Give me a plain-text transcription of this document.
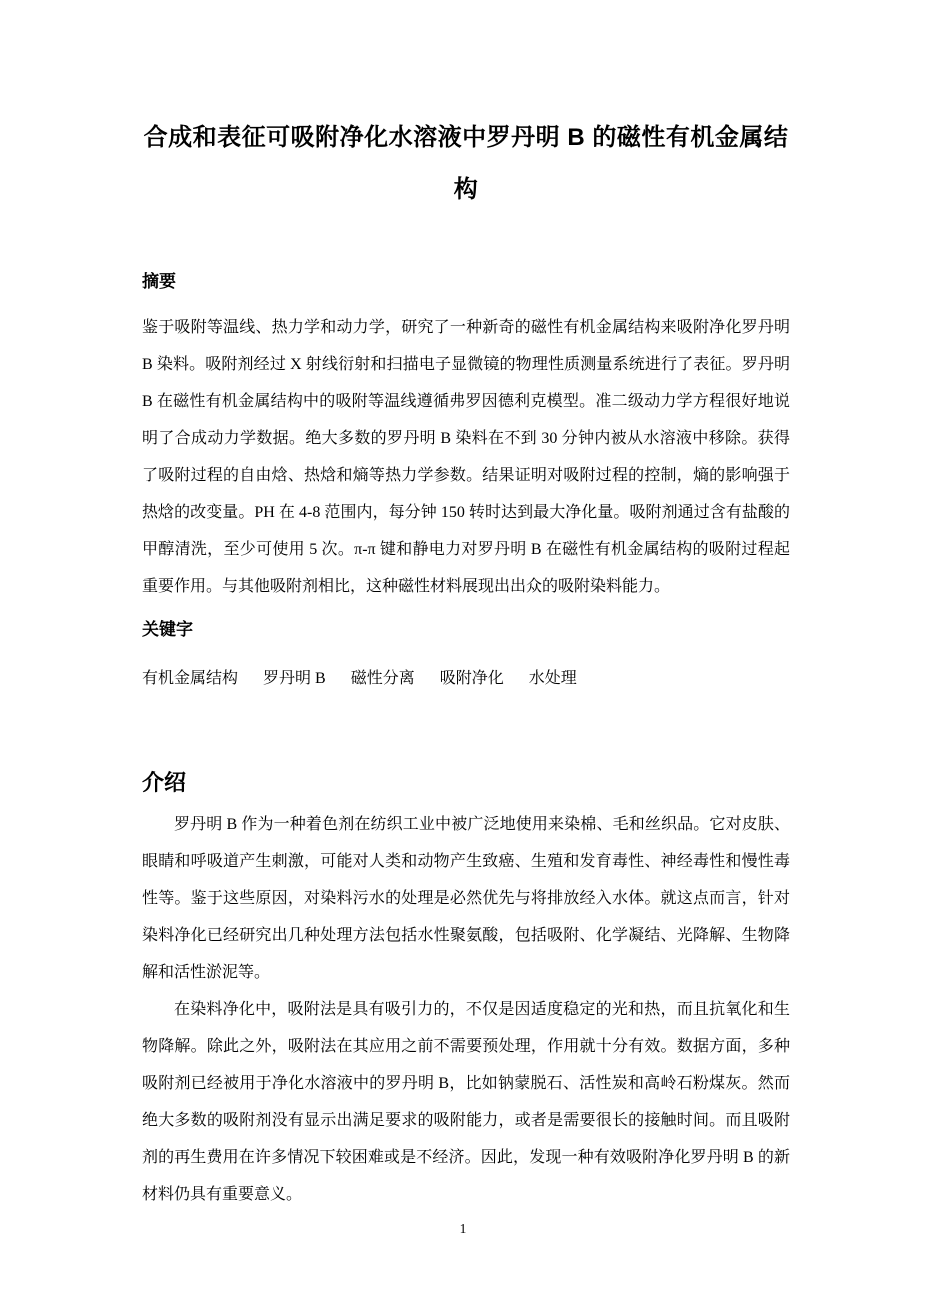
合成和表征可吸附净化水溶液中罗丹明 B 的磁性有机金属结构
摘要

鉴于吸附等温线、热力学和动力学，研究了一种新奇的磁性有机金属结构来吸附净化罗丹明 B 染料。吸附剂经过 X 射线衍射和扫描电子显微镜的物理性质测量系统进行了表征。罗丹明 B 在磁性有机金属结构中的吸附等温线遵循弗罗因德利克模型。准二级动力学方程很好地说明了合成动力学数据。绝大多数的罗丹明 B 染料在不到 30 分钟内被从水溶液中移除。获得了吸附过程的自由焓、热焓和熵等热力学参数。结果证明对吸附过程的控制，熵的影响强于热焓的改变量。PH 在 4-8 范围内，每分钟 150 转时达到最大净化量。吸附剂通过含有盐酸的甲醇清洗，至少可使用 5 次。π-π 键和静电力对罗丹明 B 在磁性有机金属结构的吸附过程起重要作用。与其他吸附剂相比，这种磁性材料展现出出众的吸附染料能力。

关键字

有机金属结构 罗丹明 B 磁性分离 吸附净化 水处理

介绍

罗丹明 B 作为一种着色剂在纺织工业中被广泛地使用来染棉、毛和丝织品。它对皮肤、眼睛和呼吸道产生刺激，可能对人类和动物产生致癌、生殖和发育毒性、神经毒性和慢性毒性等。鉴于这些原因，对染料污水的处理是必然优先与将排放经入水体。就这点而言，针对染料净化已经研究出几种处理方法包括水性聚氨酸，包括吸附、化学凝结、光降解、生物降解和活性淤泥等。

在染料净化中，吸附法是具有吸引力的，不仅是因适度稳定的光和热，而且抗氧化和生物降解。除此之外，吸附法在其应用之前不需要预处理，作用就十分有效。数据方面，多种吸附剂已经被用于净化水溶液中的罗丹明 B，比如钠蒙脱石、活性炭和高岭石粉煤灰。然而绝大多数的吸附剂没有显示出满足要求的吸附能力，或者是需要很长的接触时间。而且吸附剂的再生费用在许多情况下较困难或是不经济。因此，发现一种有效吸附净化罗丹明 B 的新材料仍具有重要意义。

1
